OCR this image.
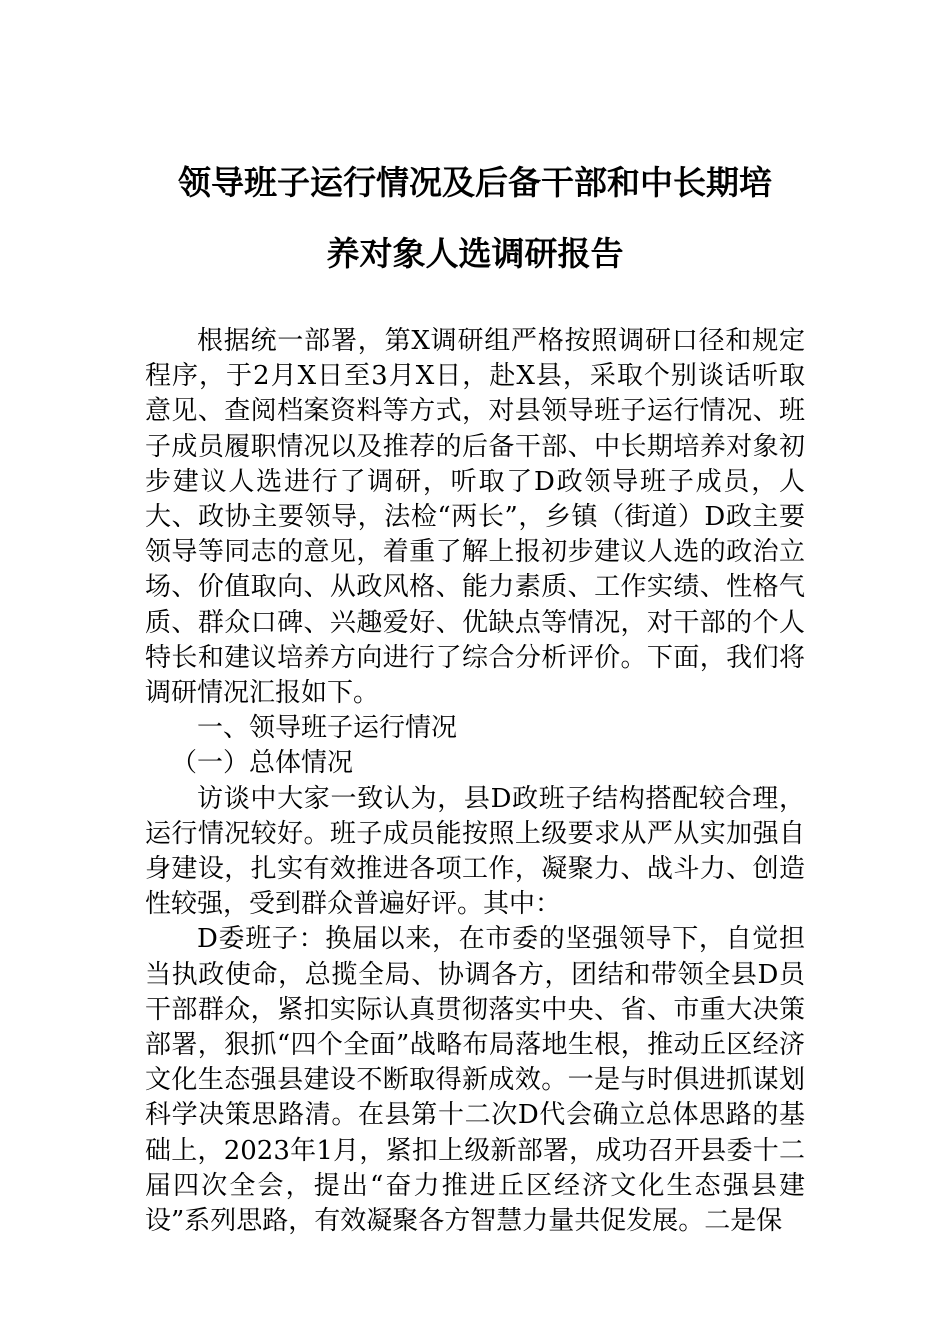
领导班子运行情况及后备干部和中长期培
养对象人选调研报告

根据统一部署，第X调研组严格按照调研口径和规定程序，于2月X日至3月X日，赴X县，采取个别谈话听取意见、查阅档案资料等方式，对县领导班子运行情况、班子成员履职情况以及推荐的后备干部、中长期培养对象初步建议人选进行了调研，听取了D政领导班子成员，人大、政协主要领导，法检“两长”，乡镇（街道）D政主要领导等同志的意见，着重了解上报初步建议人选的政治立场、价值取向、从政风格、能力素质、工作实绩、性格气质、群众口碑、兴趣爱好、优缺点等情况，对干部的个人特长和建议培养方向进行了综合分析评价。下面，我们将调研情况汇报如下。

一、领导班子运行情况

（一）总体情况

访谈中大家一致认为，县D政班子结构搭配较合理，运行情况较好。班子成员能按照上级要求从严从实加强自身建设，扎实有效推进各项工作，凝聚力、战斗力、创造性较强，受到群众普遍好评。其中：

D委班子：换届以来，在市委的坚强领导下，自觉担当执政使命，总揽全局、协调各方，团结和带领全县D员干部群众，紧扣实际认真贯彻落实中央、省、市重大决策部署，狠抓“四个全面”战略布局落地生根，推动丘区经济文化生态强县建设不断取得新成效。一是与时俱进抓谋划科学决策思路清。在县第十二次D代会确立总体思路的基础上，2023年1月，紧扣上级新部署，成功召开县委十二届四次全会，提出“奋力推进丘区经济文化生态强县建设”系列思路，有效凝聚各方智慧力量共促发展。二是保
